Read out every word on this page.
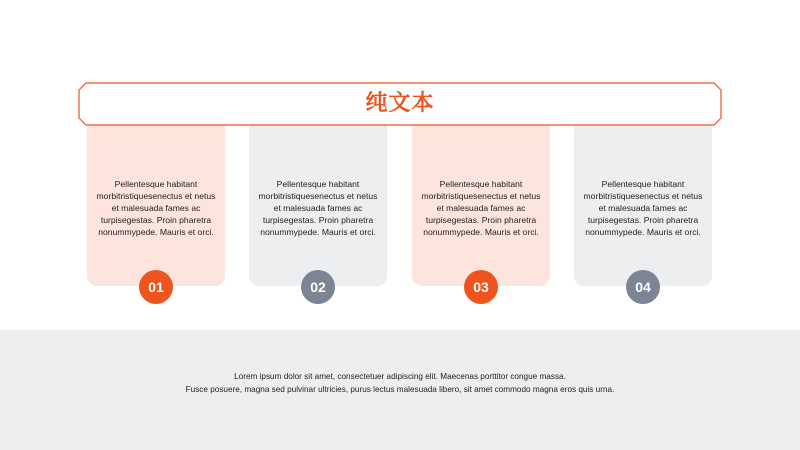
纯文本
Pellentesque habitant morbitristiquesenectus et netus et malesuada fames ac turpisegestas. Proin pharetra nonummypede. Mauris et orci.
Pellentesque habitant morbitristiquesenectus et netus et malesuada fames ac turpisegestas. Proin pharetra nonummypede. Mauris et orci.
Pellentesque habitant morbitristiquesenectus et netus et malesuada fames ac turpisegestas. Proin pharetra nonummypede. Mauris et orci.
Pellentesque habitant morbitristiquesenectus et netus et malesuada fames ac turpisegestas. Proin pharetra nonummypede. Mauris et orci.
01	02	03	04
Lorem ipsum dolor sit amet, consectetuer adipiscing elit. Maecenas porttitor congue massa.
Fusce posuere, magna sed pulvinar ultricies, purus lectus malesuada libero, sit amet commodo magna eros quis urna.
